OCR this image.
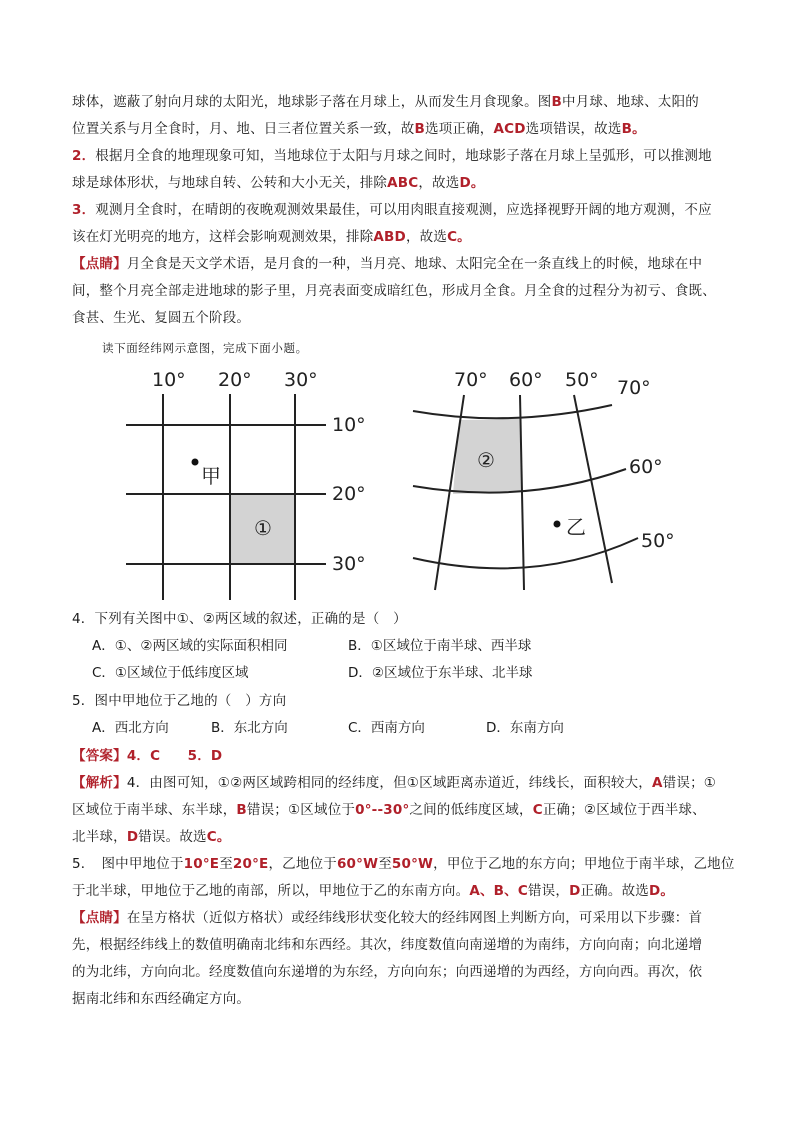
球体，遮蔽了射向月球的太阳光，地球影子落在月球上，从而发生月食现象。图B中月球、地球、太阳的
位置关系与月全食时，月、地、日三者位置关系一致，故B选项正确，ACD选项错误，故选B。
2．根据月全食的地理现象可知，当地球位于太阳与月球之间时，地球影子落在月球上呈弧形，可以推测地
球是球体形状，与地球自转、公转和大小无关，排除ABC，故选D。
3．观测月全食时，在晴朗的夜晚观测效果最佳，可以用肉眼直接观测，应选择视野开阔的地方观测，不应
该在灯光明亮的地方，这样会影响观测效果，排除ABD，故选C。
【点睛】月全食是天文学术语，是月食的一种，当月亮、地球、太阳完全在一条直线上的时候，地球在中
间，整个月亮全部走进地球的影子里，月亮表面变成暗红色，形成月全食。月全食的过程分为初亏、食既、
食甚、生光、复圆五个阶段。
读下面经纬网示意图，完成下面小题。
4．下列有关图中①、②两区域的叙述，正确的是（　）
A．①、②两区域的实际面积相同	B．①区域位于南半球、西半球
C．①区域位于低纬度区域	D．②区域位于东半球、北半球
5．图中甲地位于乙地的（　）方向
A．西北方向	B．东北方向	C．西南方向	D．东南方向
【答案】4．C　　5．D
【解析】4．由图可知，①②两区域跨相同的经纬度，但①区域距离赤道近，纬线长，面积较大，A错误；①
区域位于南半球、东半球，B错误；①区域位于0°--30°之间的低纬度区域，C正确；②区域位于西半球、
北半球，D错误。故选C。
5．　图中甲地位于10°E至20°E，乙地位于60°W至50°W，甲位于乙地的东方向；甲地位于南半球，乙地位
于北半球，甲地位于乙地的南部，所以，甲地位于乙的东南方向。A、B、C错误，D正确。故选D。
【点睛】在呈方格状（近似方格状）或经纬线形状变化较大的经纬网图上判断方向，可采用以下步骤：首
先，根据经纬线上的数值明确南北纬和东西经。其次，纬度数值向南递增的为南纬，方向向南；向北递增
的为北纬，方向向北。经度数值向东递增的为东经，方向向东；向西递增的为西经，方向向西。再次，依
据南北纬和东西经确定方向。
10° 20° 30°
10°
20°
30°
甲
①
70° 60° 50° 70°
60°
50°
②
乙
